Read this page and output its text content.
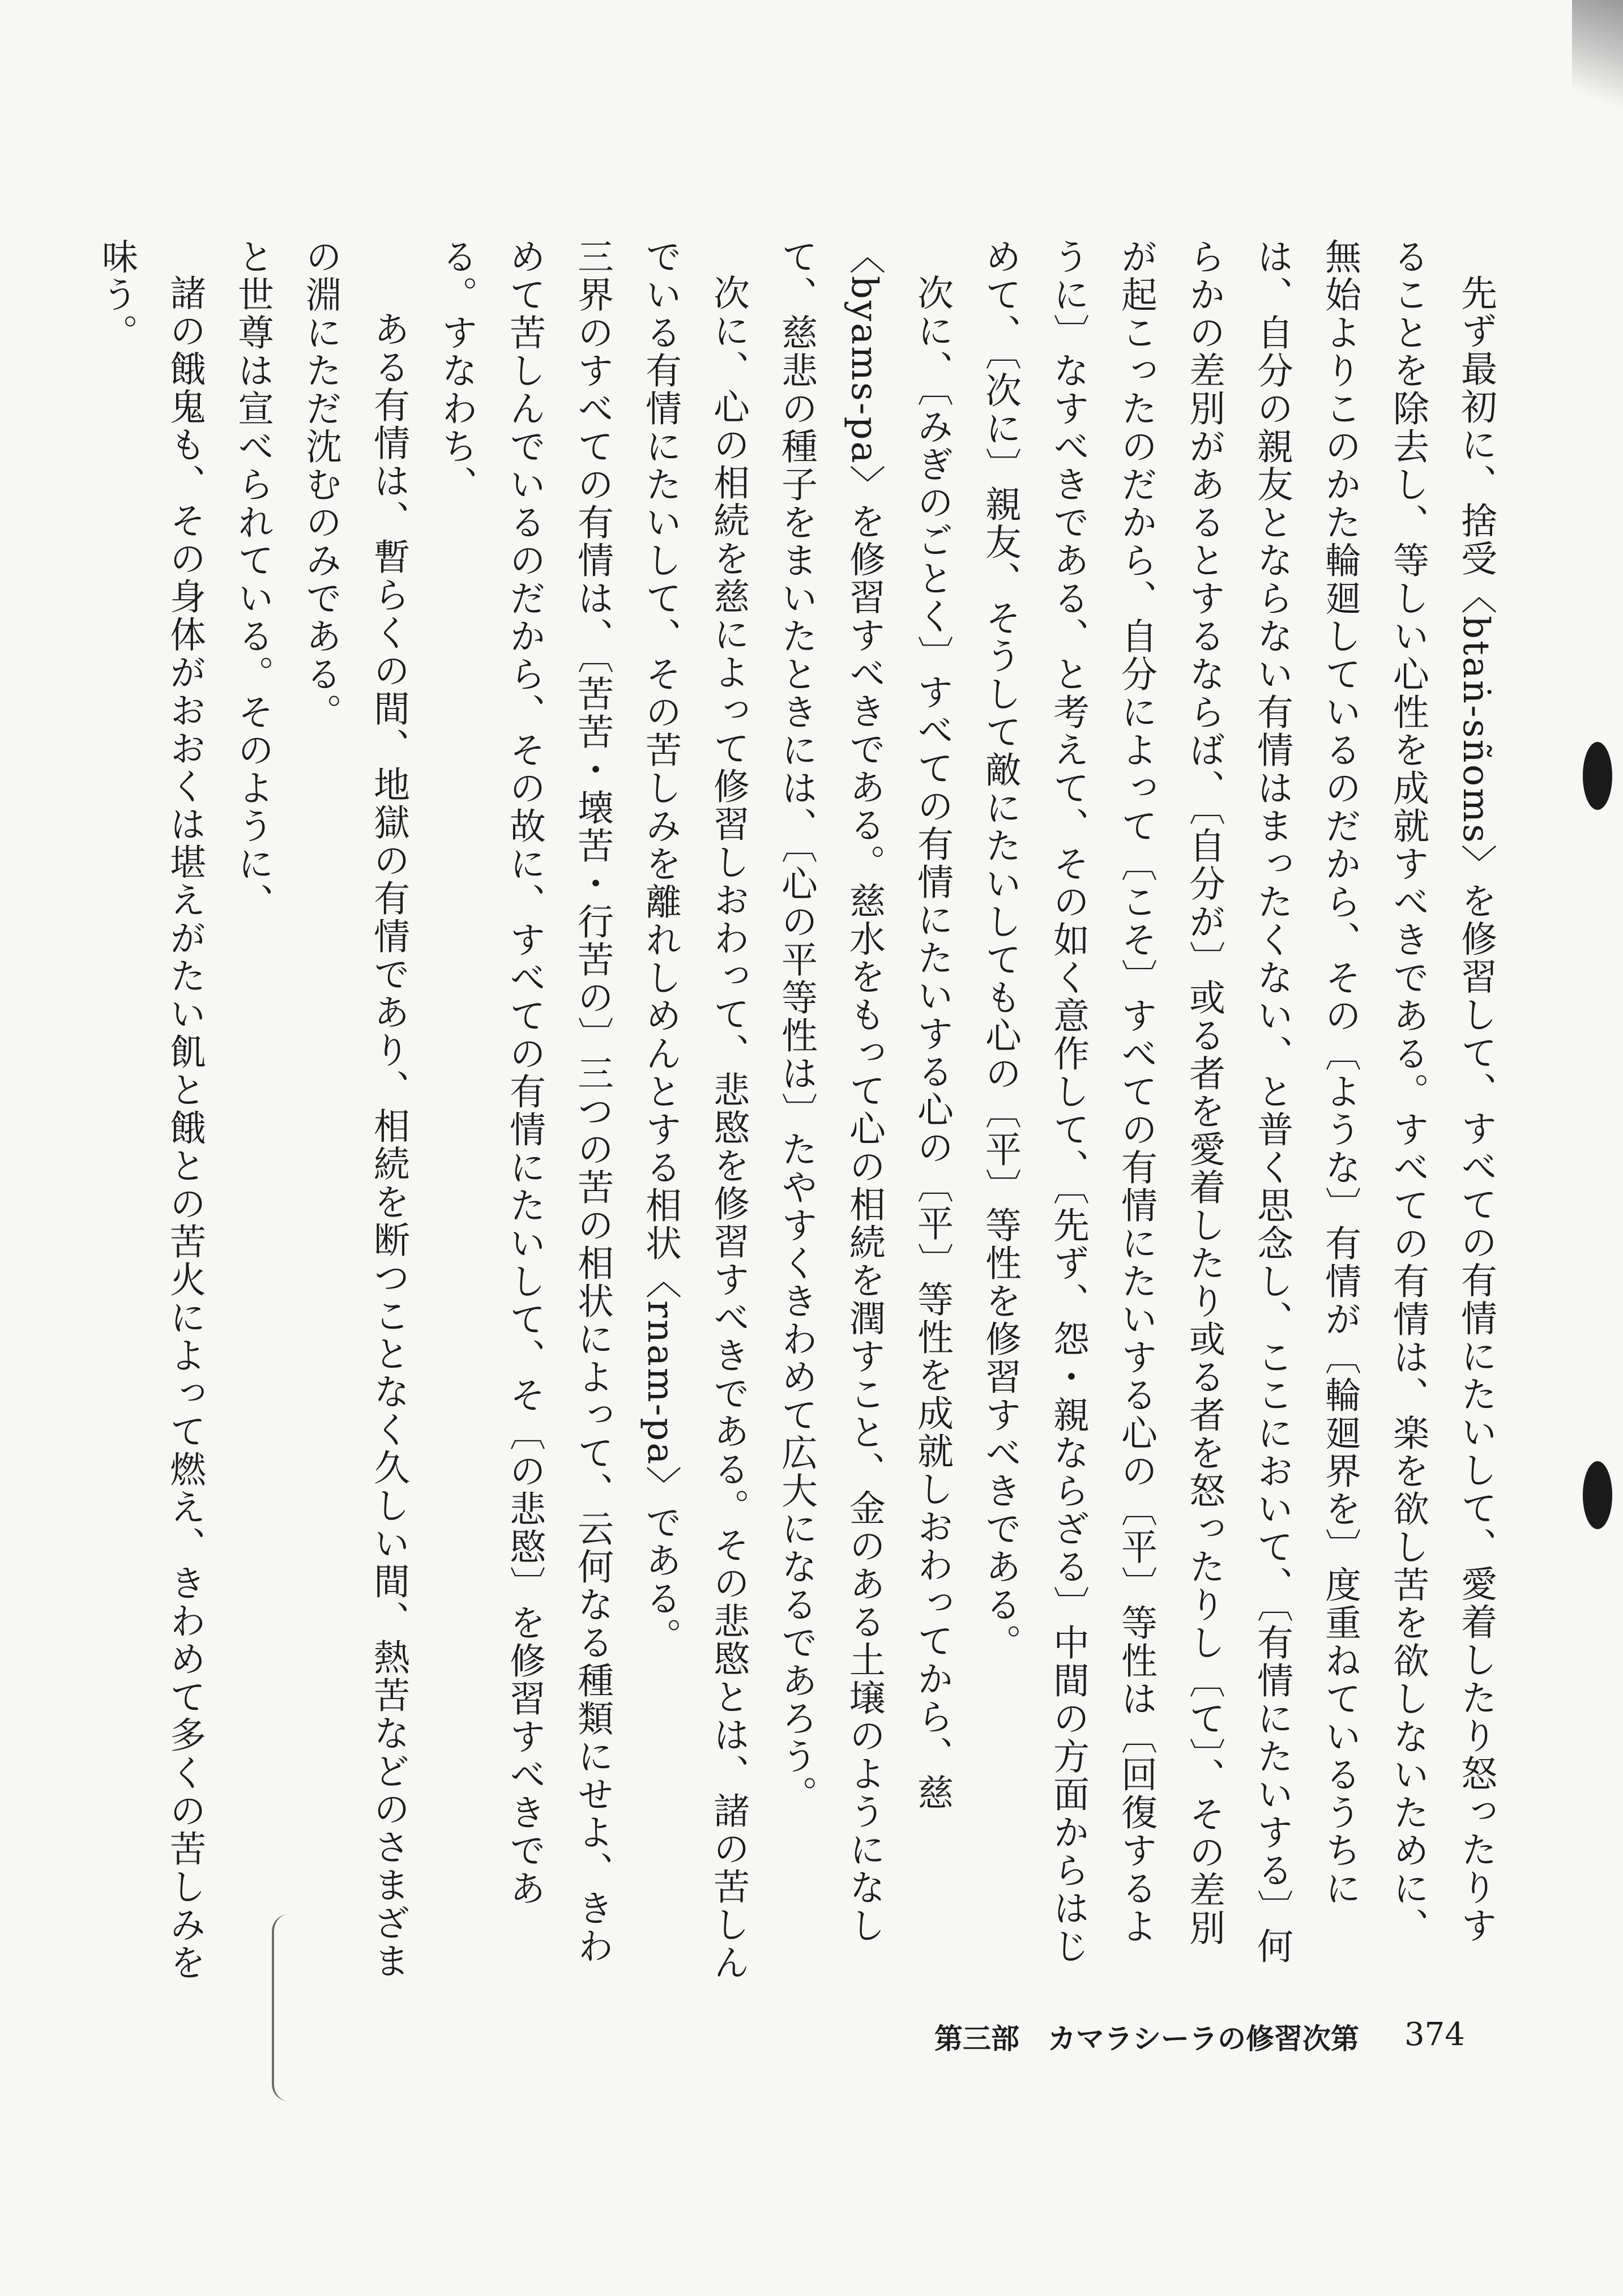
先ず最初に、捨受〈btaṅ-sñoms〉を修習して、すべての有情にたいして、愛着したり怒ったりすることを除去し、等しい心性を成就すべきである。すべての有情は、楽を欲し苦を欲しないために、無始よりこのかた輪廻しているのだから、その〔ような〕有情が〔輪廻界を〕度重ねているうちには、自分の親友とならない有情はまったくない、と普く思念し、ここにおいて、〔有情にたいする〕何らかの差別があるとするならば、〔自分が〕或る者を愛着したり或る者を怒ったりし〔て〕、その差別が起こったのだから、自分によって〔こそ〕すべての有情にたいする心の〔平〕等性は〔回復するように〕なすべきである、と考えて、その如く意作して、〔先ず、怨・親ならざる〕中間の方面からはじめて、〔次に〕親友、そうして敵にたいしても心の〔平〕等性を修習すべきである。

次に、〔みぎのごとく〕すべての有情にたいする心の〔平〕等性を成就しおわってから、慈〈byams-pa〉を修習すべきである。慈水をもって心の相続を潤すこと、金のある土壌のようになして、慈悲の種子をまいたときには、〔心の平等性は〕たやすくきわめて広大になるであろう。

次に、心の相続を慈によって修習しおわって、悲愍を修習すべきである。その悲愍とは、諸の苦しんでいる有情にたいして、その苦しみを離れしめんとする相状〈rnam-pa〉である。

三界のすべての有情は、〔苦苦・壊苦・行苦の〕三つの苦の相状によって、云何なる種類にせよ、きわめて苦しんでいるのだから、その故に、すべての有情にたいして、そ〔の悲愍〕を修習すべきである。すなわち、

ある有情は、暫らくの間、地獄の有情であり、相続を断つことなく久しい間、熱苦などのさまざまの淵にただ沈むのみである。

と世尊は宣べられている。そのように、

諸の餓鬼も、その身体がおおくは堪えがたい飢と餓との苦火によって燃え、きわめて多くの苦しみを味う。

第三部　カマラシーラの修習次第	374
